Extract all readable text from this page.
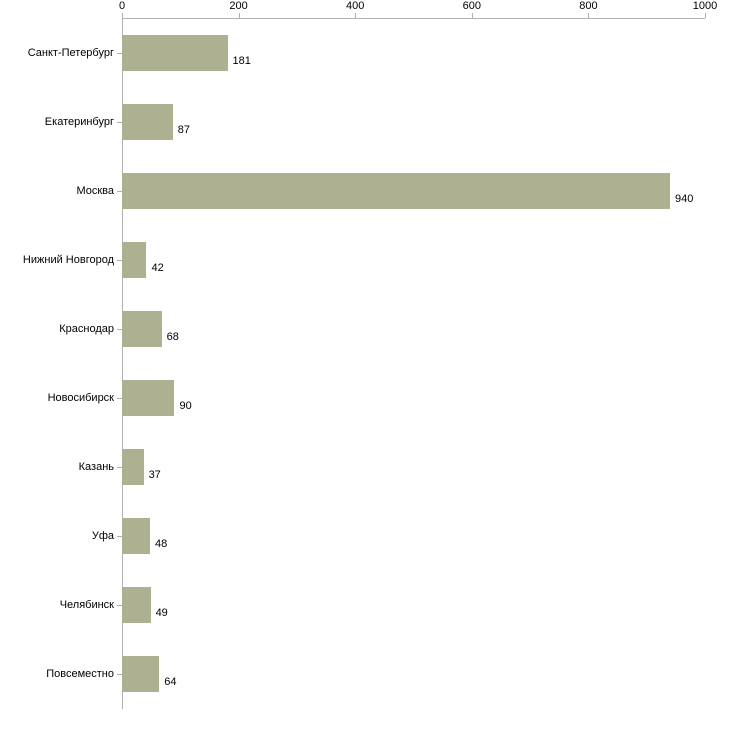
0	200	400	600	800	1000
Санкт-Петербург
181
Екатеринбург
87
Москва
940
Нижний Новгород
42
Краснодар
68
Новосибирск
90
Казань
37
Уфа
48
Челябинск
49
Повсеместно
64
